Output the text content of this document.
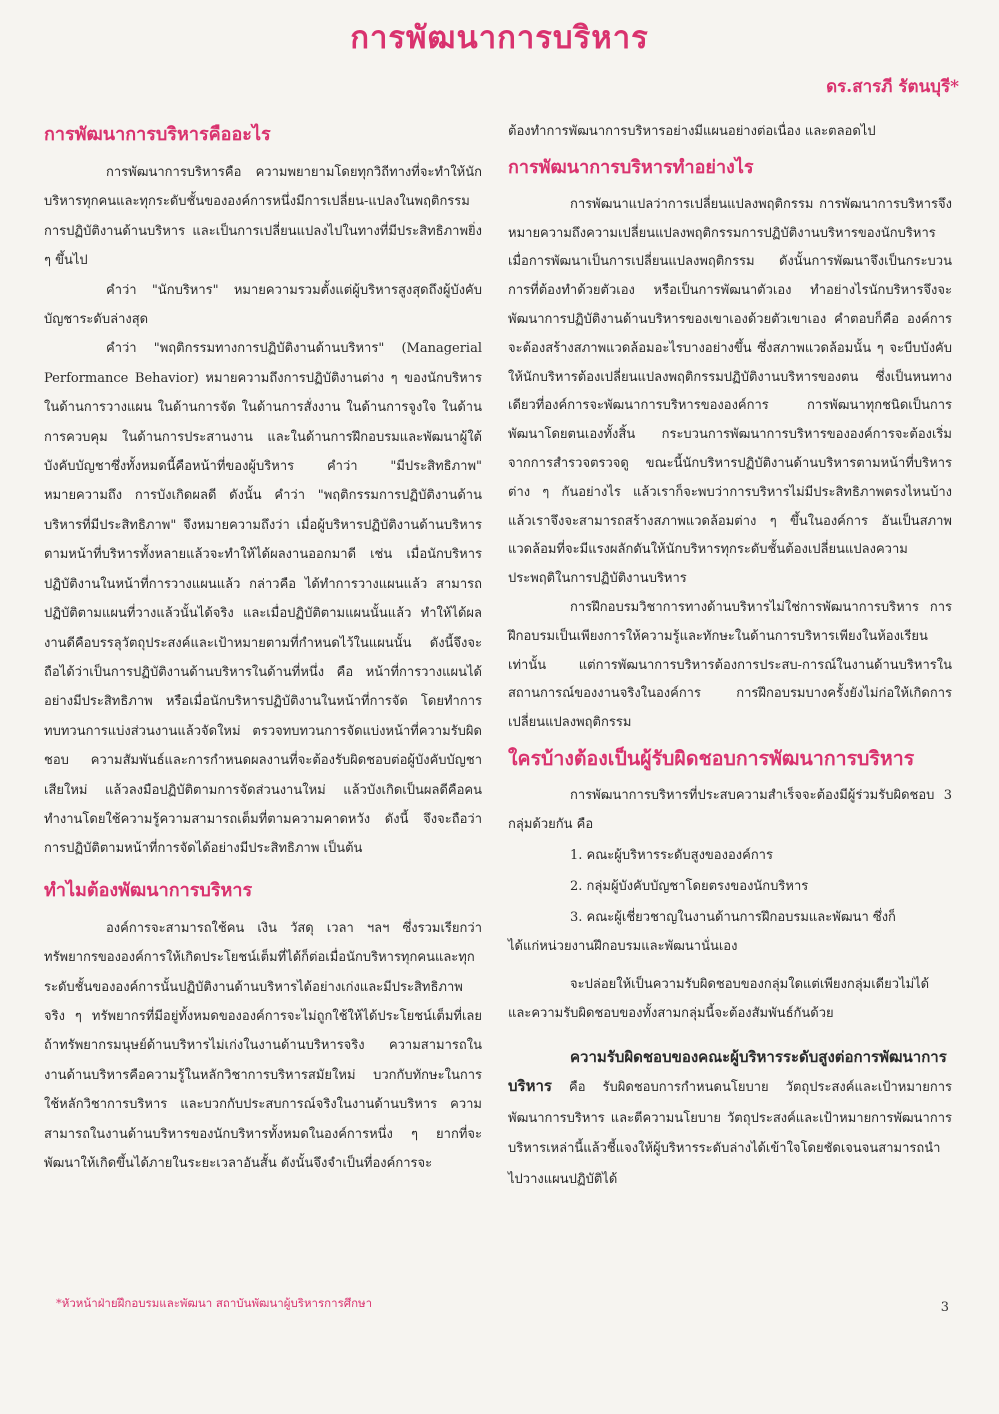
การพัฒนาการบริหาร
ดร.สารภี รัตนบุรี*
การพัฒนาการบริหารคืออะไร

การพัฒนาการบริหารคือ ความพยายามโดยทุกวิถีทางที่จะทำให้นักบริหารทุกคนและทุกระดับชั้นขององค์การหนึ่งมีการเปลี่ยน-แปลงในพฤติกรรมการปฏิบัติงานด้านบริหาร และเป็นการเปลี่ยนแปลงไปในทางที่มีประสิทธิภาพยิ่ง ๆ ขึ้นไป

คำว่า "นักบริหาร" หมายความรวมตั้งแต่ผู้บริหารสูงสุดถึงผู้บังคับบัญชาระดับล่างสุด

คำว่า "พฤติกรรมทางการปฏิบัติงานด้านบริหาร" (Managerial Performance Behavior) หมายความถึงการปฏิบัติงานต่าง ๆ ของนักบริหารในด้านการวางแผน ในด้านการจัด ในด้านการสั่งงาน ในด้านการจูงใจ ในด้านการควบคุม ในด้านการประสานงาน และในด้านการฝึกอบรมและพัฒนาผู้ใต้บังคับบัญชาซึ่งทั้งหมดนี้คือหน้าที่ของผู้บริหาร คำว่า "มีประสิทธิภาพ" หมายความถึง การบังเกิดผลดี ดังนั้น คำว่า "พฤติกรรมการปฏิบัติงานด้านบริหารที่มีประสิทธิภาพ" จึงหมายความถึงว่า เมื่อผู้บริหารปฏิบัติงานด้านบริหารตามหน้าที่บริหารทั้งหลายแล้วจะทำให้ได้ผลงานออกมาดี เช่น เมื่อนักบริหารปฏิบัติงานในหน้าที่การวางแผนแล้ว กล่าวคือ ได้ทำการวางแผนแล้ว สามารถปฏิบัติตามแผนที่วางแล้วนั้นได้จริง และเมื่อปฏิบัติตามแผนนั้นแล้ว ทำให้ได้ผลงานดีคือบรรลุวัตถุประสงค์และเป้าหมายตามที่กำหนดไว้ในแผนนั้น ดังนี้จึงจะถือได้ว่าเป็นการปฏิบัติงานด้านบริหารในด้านที่หนึ่ง คือ หน้าที่การวางแผนได้อย่างมีประสิทธิภาพ หรือเมื่อนักบริหารปฏิบัติงานในหน้าที่การจัด โดยทำการทบทวนการแบ่งส่วนงานแล้วจัดใหม่ ตรวจทบทวนการจัดแบ่งหน้าที่ความรับผิดชอบ ความสัมพันธ์และการกำหนดผลงานที่จะต้องรับผิดชอบต่อผู้บังคับบัญชาเสียใหม่ แล้วลงมือปฏิบัติตามการจัดส่วนงานใหม่ แล้วบังเกิดเป็นผลดีคือคนทำงานโดยใช้ความรู้ความสามารถเต็มที่ตามความคาดหวัง ดังนี้ จึงจะถือว่าการปฏิบัติตามหน้าที่การจัดได้อย่างมีประสิทธิภาพ เป็นต้น

ทำไมต้องพัฒนาการบริหาร

องค์การจะสามารถใช้คน เงิน วัสดุ เวลา ฯลฯ ซึ่งรวมเรียกว่าทรัพยากรขององค์การให้เกิดประโยชน์เต็มที่ได้ก็ต่อเมื่อนักบริหารทุกคนและทุกระดับชั้นขององค์การนั้นปฏิบัติงานด้านบริหารได้อย่างเก่งและมีประสิทธิภาพจริง ๆ ทรัพยากรที่มีอยู่ทั้งหมดขององค์การจะไม่ถูกใช้ให้ได้ประโยชน์เต็มที่เลย ถ้าทรัพยากรมนุษย์ด้านบริหารไม่เก่งในงานด้านบริหารจริง ความสามารถในงานด้านบริหารคือความรู้ในหลักวิชาการบริหารสมัยใหม่ บวกกับทักษะในการใช้หลักวิชาการบริหาร และบวกกับประสบการณ์จริงในงานด้านบริหาร ความสามารถในงานด้านบริหารของนักบริหารทั้งหมดในองค์การหนึ่ง ๆ ยากที่จะพัฒนาให้เกิดขึ้นได้ภายในระยะเวลาอันสั้น ดังนั้นจึงจำเป็นที่องค์การจะ

ต้องทำการพัฒนาการบริหารอย่างมีแผนอย่างต่อเนื่อง และตลอดไป

การพัฒนาการบริหารทำอย่างไร

การพัฒนาแปลว่าการเปลี่ยนแปลงพฤติกรรม การพัฒนาการบริหารจึงหมายความถึงความเปลี่ยนแปลงพฤติกรรมการปฏิบัติงานบริหารของนักบริหาร เมื่อการพัฒนาเป็นการเปลี่ยนแปลงพฤติกรรม ดังนั้นการพัฒนาจึงเป็นกระบวนการที่ต้องทำด้วยตัวเอง หรือเป็นการพัฒนาตัวเอง ทำอย่างไรนักบริหารจึงจะพัฒนาการปฏิบัติงานด้านบริหารของเขาเองด้วยตัวเขาเอง คำตอบก็คือ องค์การจะต้องสร้างสภาพแวดล้อมอะไรบางอย่างขึ้น ซึ่งสภาพแวดล้อมนั้น ๆ จะบีบบังคับให้นักบริหารต้องเปลี่ยนแปลงพฤติกรรมปฏิบัติงานบริหารของตน ซึ่งเป็นหนทางเดียวที่องค์การจะพัฒนาการบริหารขององค์การ การพัฒนาทุกชนิดเป็นการพัฒนาโดยตนเองทั้งสิ้น กระบวนการพัฒนาการบริหารขององค์การจะต้องเริ่มจากการสำรวจตรวจดู ขณะนี้นักบริหารปฏิบัติงานด้านบริหารตามหน้าที่บริหารต่าง ๆ กันอย่างไร แล้วเราก็จะพบว่าการบริหารไม่มีประสิทธิภาพตรงไหนบ้าง แล้วเราจึงจะสามารถสร้างสภาพแวดล้อมต่าง ๆ ขึ้นในองค์การ อันเป็นสภาพแวดล้อมที่จะมีแรงผลักดันให้นักบริหารทุกระดับชั้นต้องเปลี่ยนแปลงความประพฤติในการปฏิบัติงานบริหาร

การฝึกอบรมวิชาการทางด้านบริหารไม่ใช่การพัฒนาการบริหาร การฝึกอบรมเป็นเพียงการให้ความรู้และทักษะในด้านการบริหารเพียงในห้องเรียนเท่านั้น แต่การพัฒนาการบริหารต้องการประสบ-การณ์ในงานด้านบริหารในสถานการณ์ของงานจริงในองค์การ การฝึกอบรมบางครั้งยังไม่ก่อให้เกิดการเปลี่ยนแปลงพฤติกรรม

ใครบ้างต้องเป็นผู้รับผิดชอบการพัฒนาการบริหาร

การพัฒนาการบริหารที่ประสบความสำเร็จจะต้องมีผู้ร่วมรับผิดชอบ 3 กลุ่มด้วยกัน คือ

1. คณะผู้บริหารระดับสูงขององค์การ
2. กลุ่มผู้บังคับบัญชาโดยตรงของนักบริหาร
3. คณะผู้เชี่ยวชาญในงานด้านการฝึกอบรมและพัฒนา ซึ่งก็

ได้แก่หน่วยงานฝึกอบรมและพัฒนานั่นเอง

จะปล่อยให้เป็นความรับผิดชอบของกลุ่มใดแต่เพียงกลุ่มเดียวไม่ได้ และความรับผิดชอบของทั้งสามกลุ่มนี้จะต้องสัมพันธ์กันด้วย

ความรับผิดชอบของคณะผู้บริหารระดับสูงต่อการพัฒนาการบริหาร คือ รับผิดชอบการกำหนดนโยบาย วัตถุประสงค์และเป้าหมายการพัฒนาการบริหาร และตีความนโยบาย วัตถุประสงค์และเป้าหมายการพัฒนาการบริหารเหล่านี้แล้วชี้แจงให้ผู้บริหารระดับล่างได้เข้าใจโดยชัดเจนจนสามารถนำไปวางแผนปฏิบัติได้

*หัวหน้าฝ่ายฝึกอบรมและพัฒนา สถาบันพัฒนาผู้บริหารการศึกษา	3
